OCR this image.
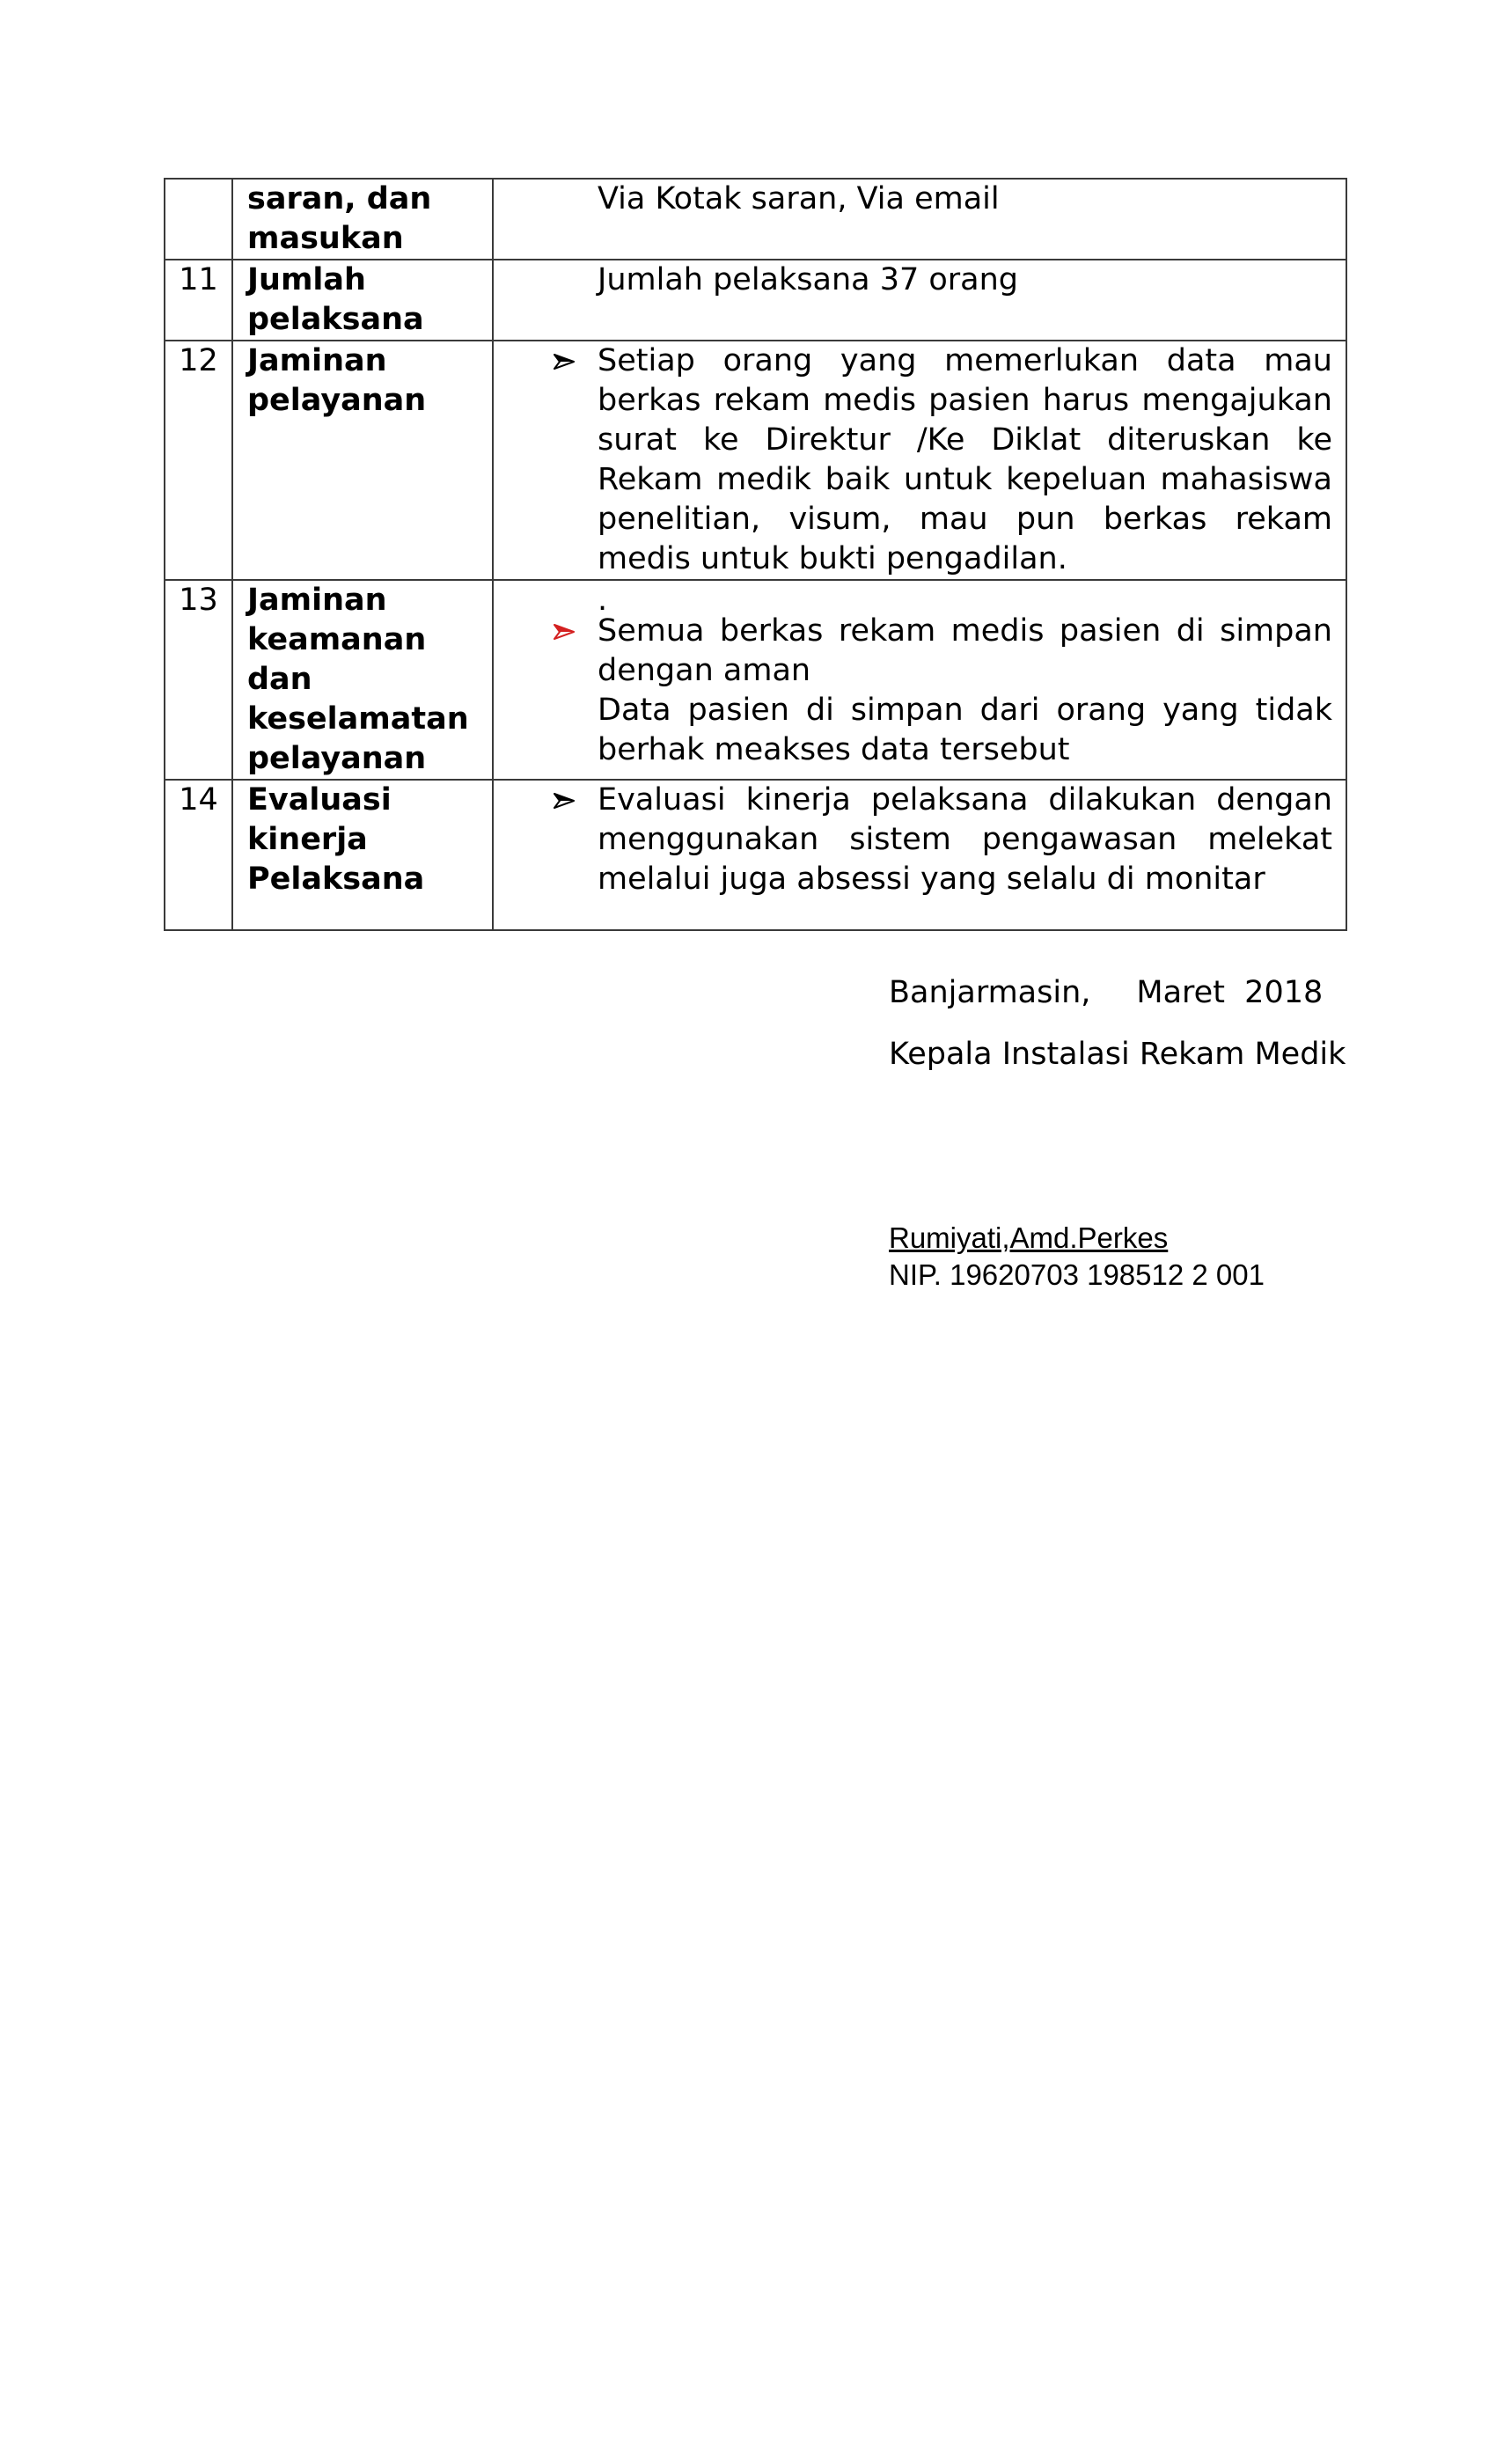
	saran, dan masukan	Via Kotak saran, Via email

11	Jumlah pelaksana	Jumlah pelaksana 37 orang

12	Jaminan pelayanan	Setiap orang yang memerlukan data mau berkas rekam medis pasien harus mengajukan surat ke Direktur /Ke Diklat diteruskan ke Rekam medik baik untuk kepeluan mahasiswa penelitian, visum, mau pun berkas rekam medis untuk bukti pengadilan.

13	Jaminan keamanan dan keselamatan pelayanan	.
Semua berkas rekam medis pasien di simpan dengan aman
Data pasien di simpan dari orang yang tidak berhak meakses data tersebut

14	Evaluasi kinerja Pelaksana	Evaluasi kinerja pelaksana dilakukan dengan menggunakan sistem pengawasan melekat melalui juga absessi yang selalu di monitar
Banjarmasin, Maret  2018
Kepala Instalasi Rekam Medik
Rumiyati,Amd.Perkes
NIP. 19620703 198512 2 001
